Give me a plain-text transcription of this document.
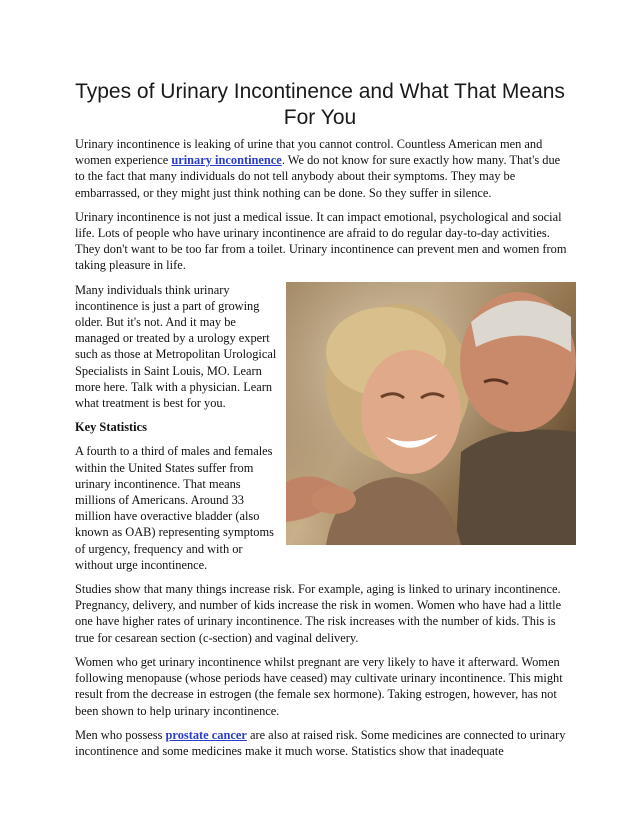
Types of Urinary Incontinence and What That Means For You

Urinary incontinence is leaking of urine that you cannot control. Countless American men and women experience urinary incontinence. We do not know for sure exactly how many. That's due to the fact that many individuals do not tell anybody about their symptoms. They may be embarrassed, or they might just think nothing can be done. So they suffer in silence.

Urinary incontinence is not just a medical issue. It can impact emotional, psychological and social life. Lots of people who have urinary incontinence are afraid to do regular day-to-day activities. They don't want to be too far from a toilet. Urinary incontinence can prevent men and women from taking pleasure in life.

Many individuals think urinary incontinence is just a part of growing older. But it's not. And it may be managed or treated by a urology expert such as those at Metropolitan Urological Specialists in Saint Louis, MO. Learn more here. Talk with a physician. Learn what treatment is best for you.

Key Statistics

A fourth to a third of males and females within the United States suffer from urinary incontinence. That means millions of Americans. Around 33 million have overactive bladder (also known as OAB) representing symptoms of urgency, frequency and with or without urge incontinence.

Studies show that many things increase risk. For example, aging is linked to urinary incontinence. Pregnancy, delivery, and number of kids increase the risk in women. Women who have had a little one have higher rates of urinary incontinence. The risk increases with the number of kids. This is true for cesarean section (c-section) and vaginal delivery.

Women who get urinary incontinence whilst pregnant are very likely to have it afterward. Women following menopause (whose periods have ceased) may cultivate urinary incontinence. This might result from the decrease in estrogen (the female sex hormone). Taking estrogen, however, has not been shown to help urinary incontinence.

Men who possess prostate cancer are also at raised risk. Some medicines are connected to urinary incontinence and some medicines make it much worse. Statistics show that inadequate
